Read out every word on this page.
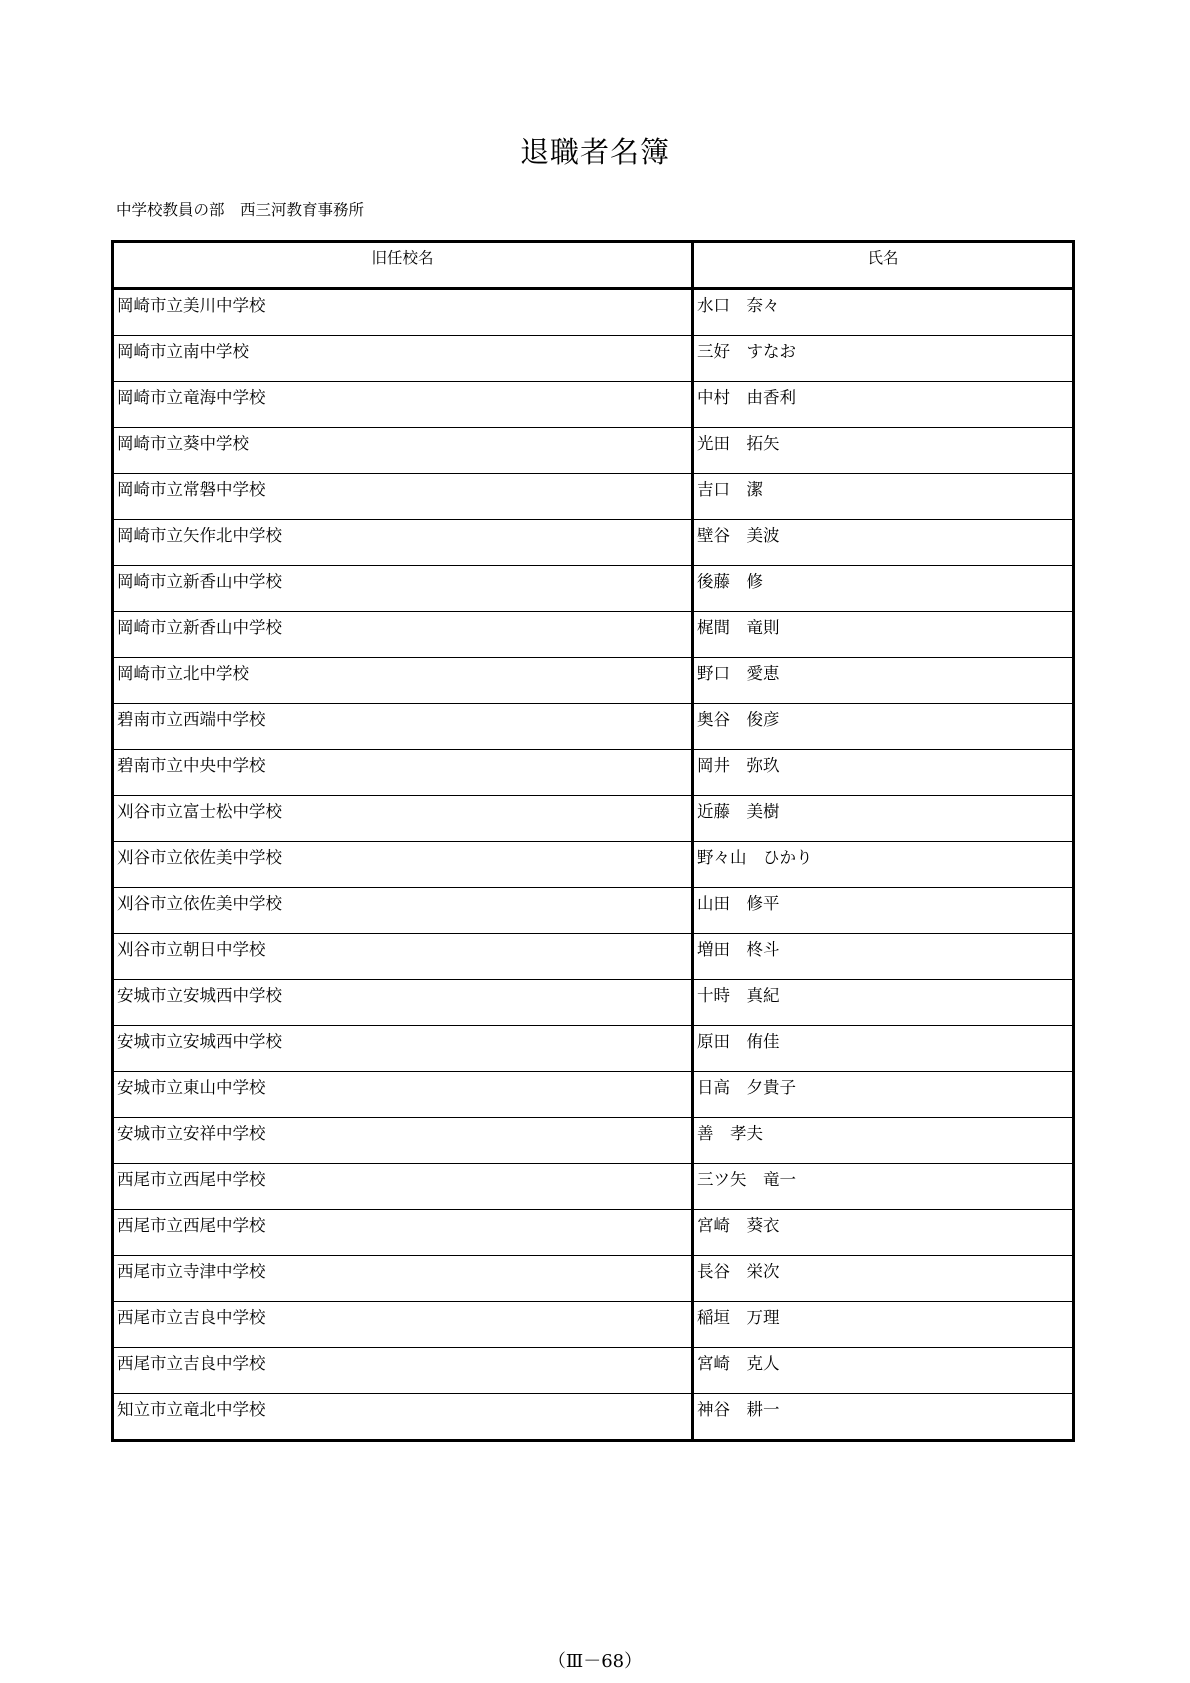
退職者名簿
中学校教員の部　西三河教育事務所
旧任校名	氏名
岡崎市立美川中学校	水口　奈々
岡崎市立南中学校	三好　すなお
岡崎市立竜海中学校	中村　由香利
岡崎市立葵中学校	光田　拓矢
岡崎市立常磐中学校	吉口　潔
岡崎市立矢作北中学校	壁谷　美波
岡崎市立新香山中学校	後藤　修
岡崎市立新香山中学校	梶間　竜則
岡崎市立北中学校	野口　愛恵
碧南市立西端中学校	奥谷　俊彦
碧南市立中央中学校	岡井　弥玖
刈谷市立富士松中学校	近藤　美樹
刈谷市立依佐美中学校	野々山　ひかり
刈谷市立依佐美中学校	山田　修平
刈谷市立朝日中学校	増田　柊斗
安城市立安城西中学校	十時　真紀
安城市立安城西中学校	原田　侑佳
安城市立東山中学校	日高　夕貴子
安城市立安祥中学校	善　孝夫
西尾市立西尾中学校	三ツ矢　竜一
西尾市立西尾中学校	宮崎　葵衣
西尾市立寺津中学校	長谷　栄次
西尾市立吉良中学校	稲垣　万理
西尾市立吉良中学校	宮崎　克人
知立市立竜北中学校	神谷　耕一
（Ⅲ－68）
